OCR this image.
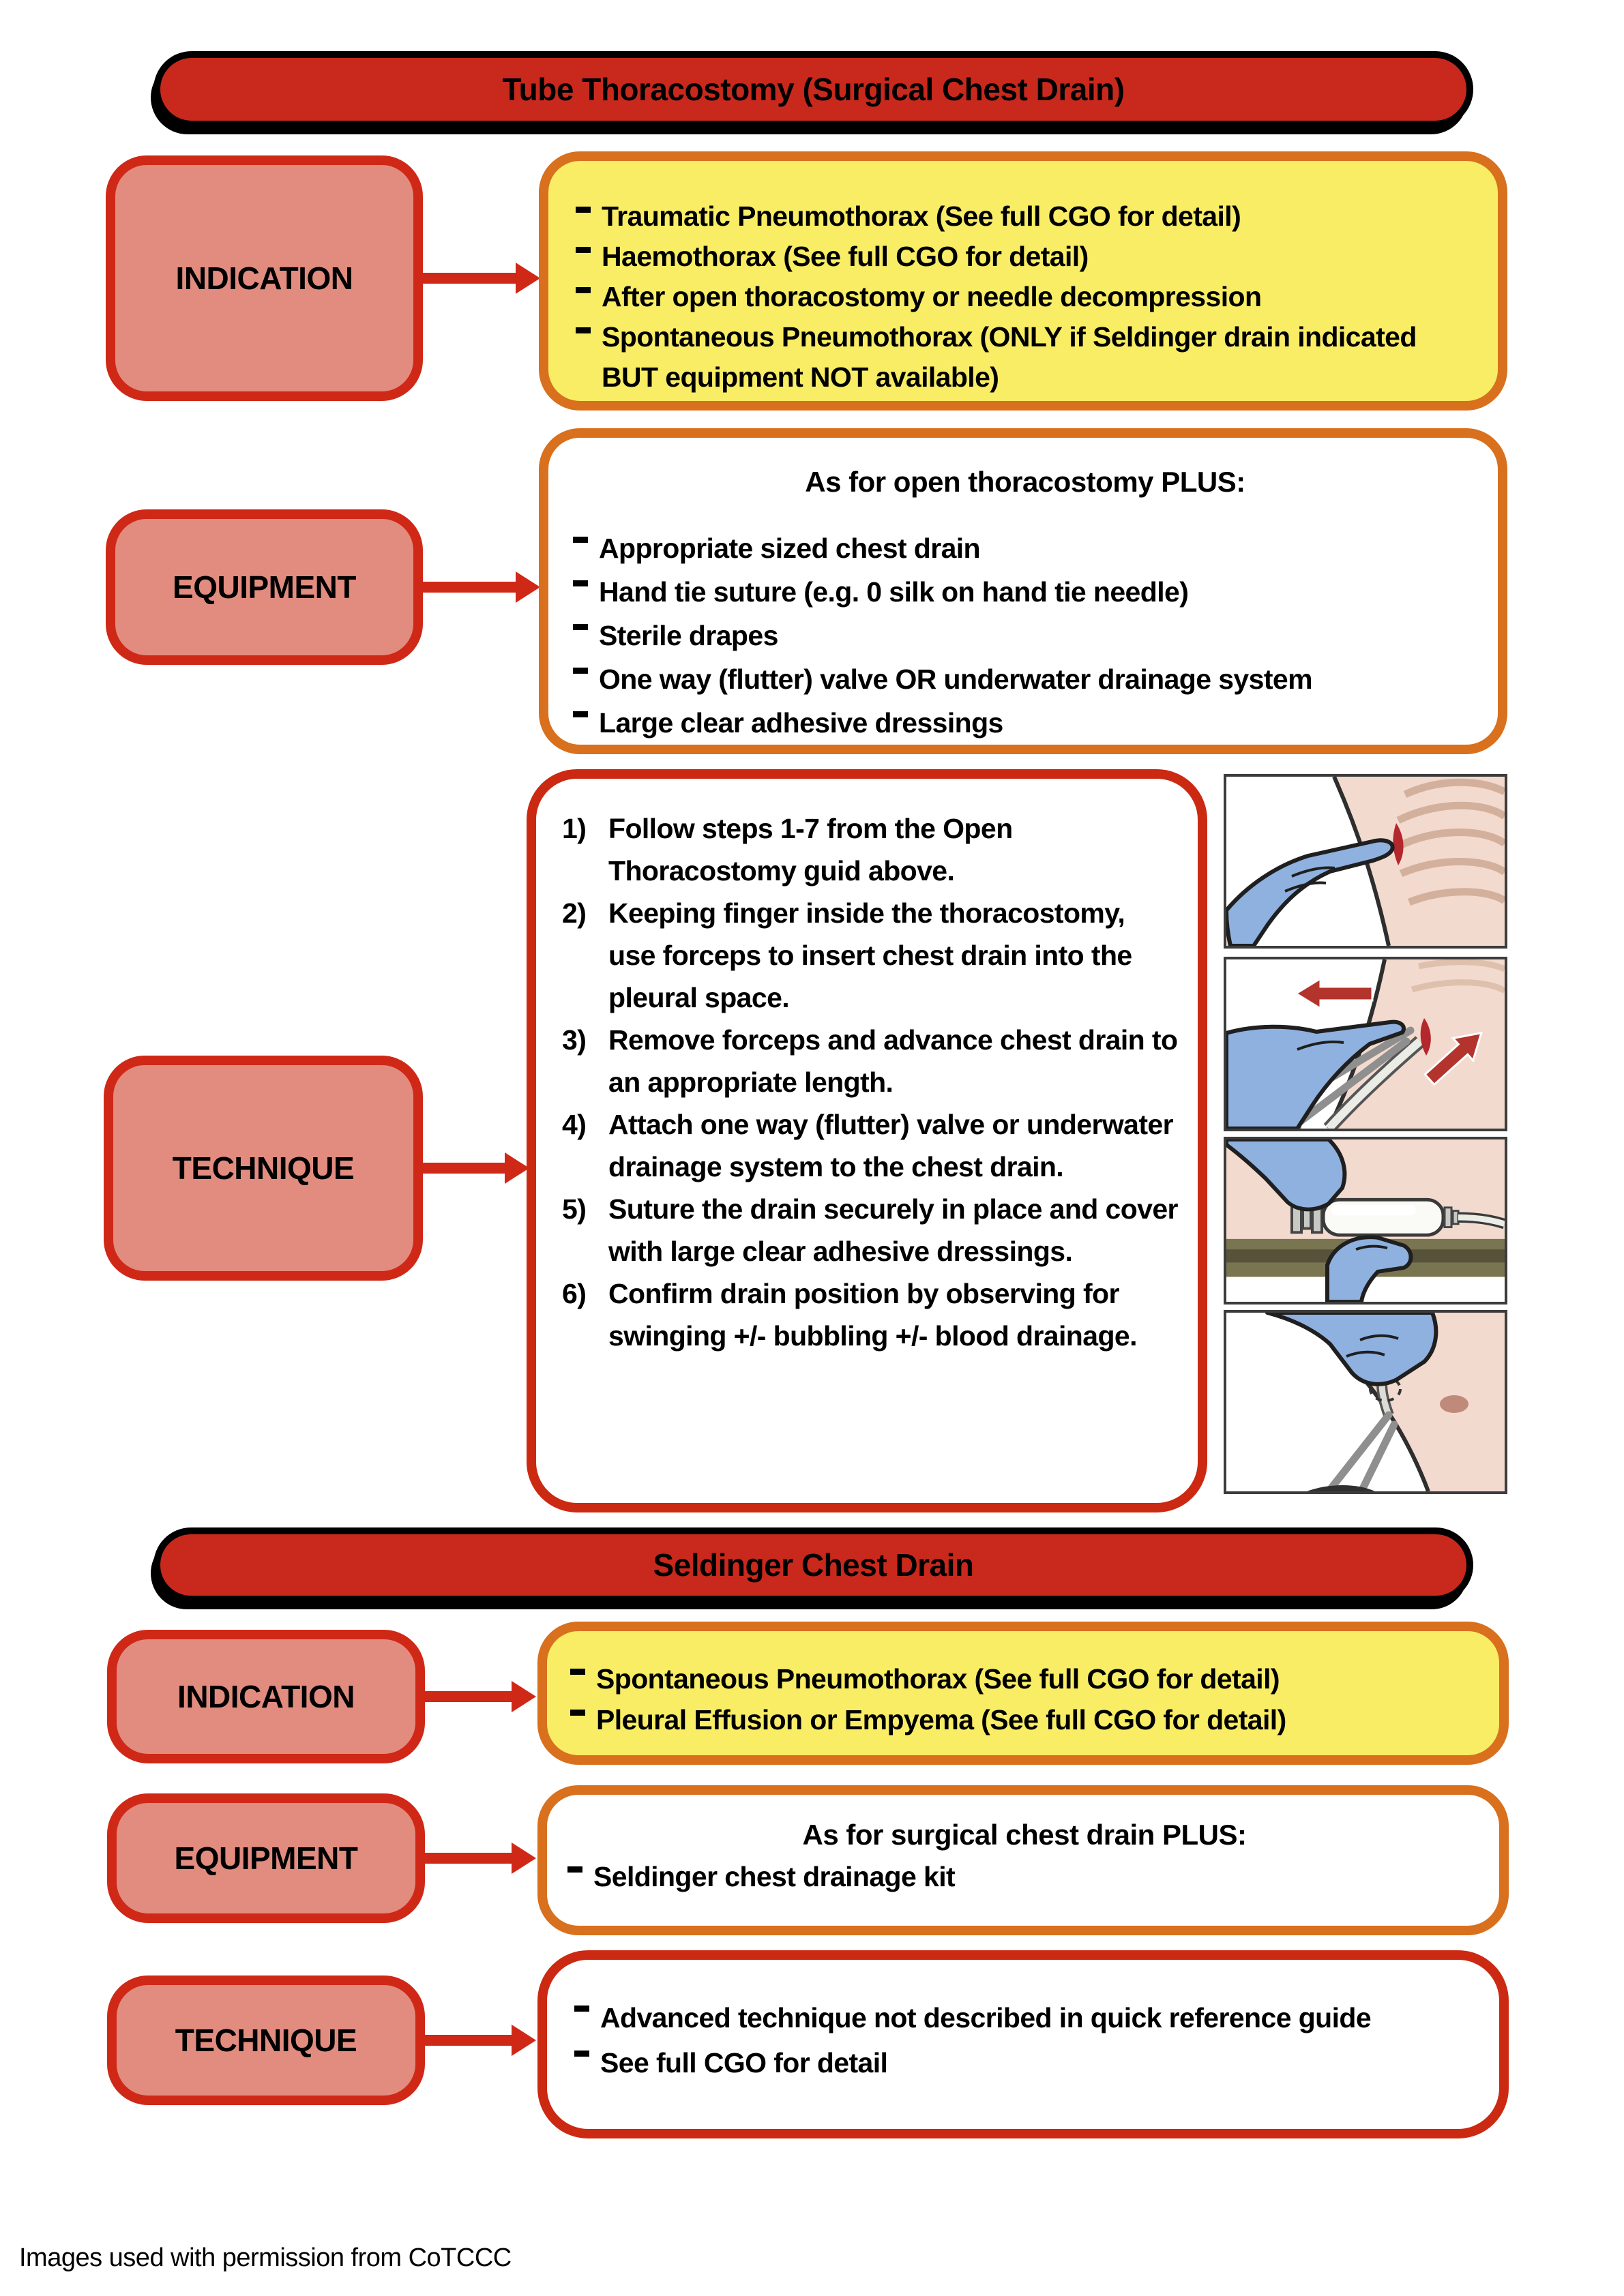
Tube Thoracostomy (Surgical Chest Drain)
INDICATION
Traumatic Pneumothorax (See full CGO for detail)
Haemothorax (See full CGO for detail)
After open thoracostomy or needle decompression
Spontaneous Pneumothorax (ONLY if Seldinger drain indicated BUT equipment NOT available)
EQUIPMENT
As for open thoracostomy PLUS:
Appropriate sized chest drain
Hand tie suture (e.g. 0 silk on hand tie needle)
Sterile drapes
One way (flutter) valve OR underwater drainage system
Large clear adhesive dressings
TECHNIQUE
1) Follow steps 1-7 from the Open Thoracostomy guid above.
2) Keeping finger inside the thoracostomy, use forceps to insert chest drain into the pleural space.
3) Remove forceps and advance chest drain to an appropriate length.
4) Attach one way (flutter) valve or underwater drainage system to the chest drain.
5) Suture the drain securely in place and cover with large clear adhesive dressings.
6) Confirm drain position by observing for swinging +/- bubbling +/- blood drainage.
Seldinger Chest Drain
INDICATION	Spontaneous Pneumothorax (See full CGO for detail)
Pleural Effusion or Empyema (See full CGO for detail)
EQUIPMENT
As for surgical chest drain PLUS:
Seldinger chest drainage kit
TECHNIQUE
Advanced technique not described in quick reference guide
See full CGO for detail
Images used with permission from CoTCCC
